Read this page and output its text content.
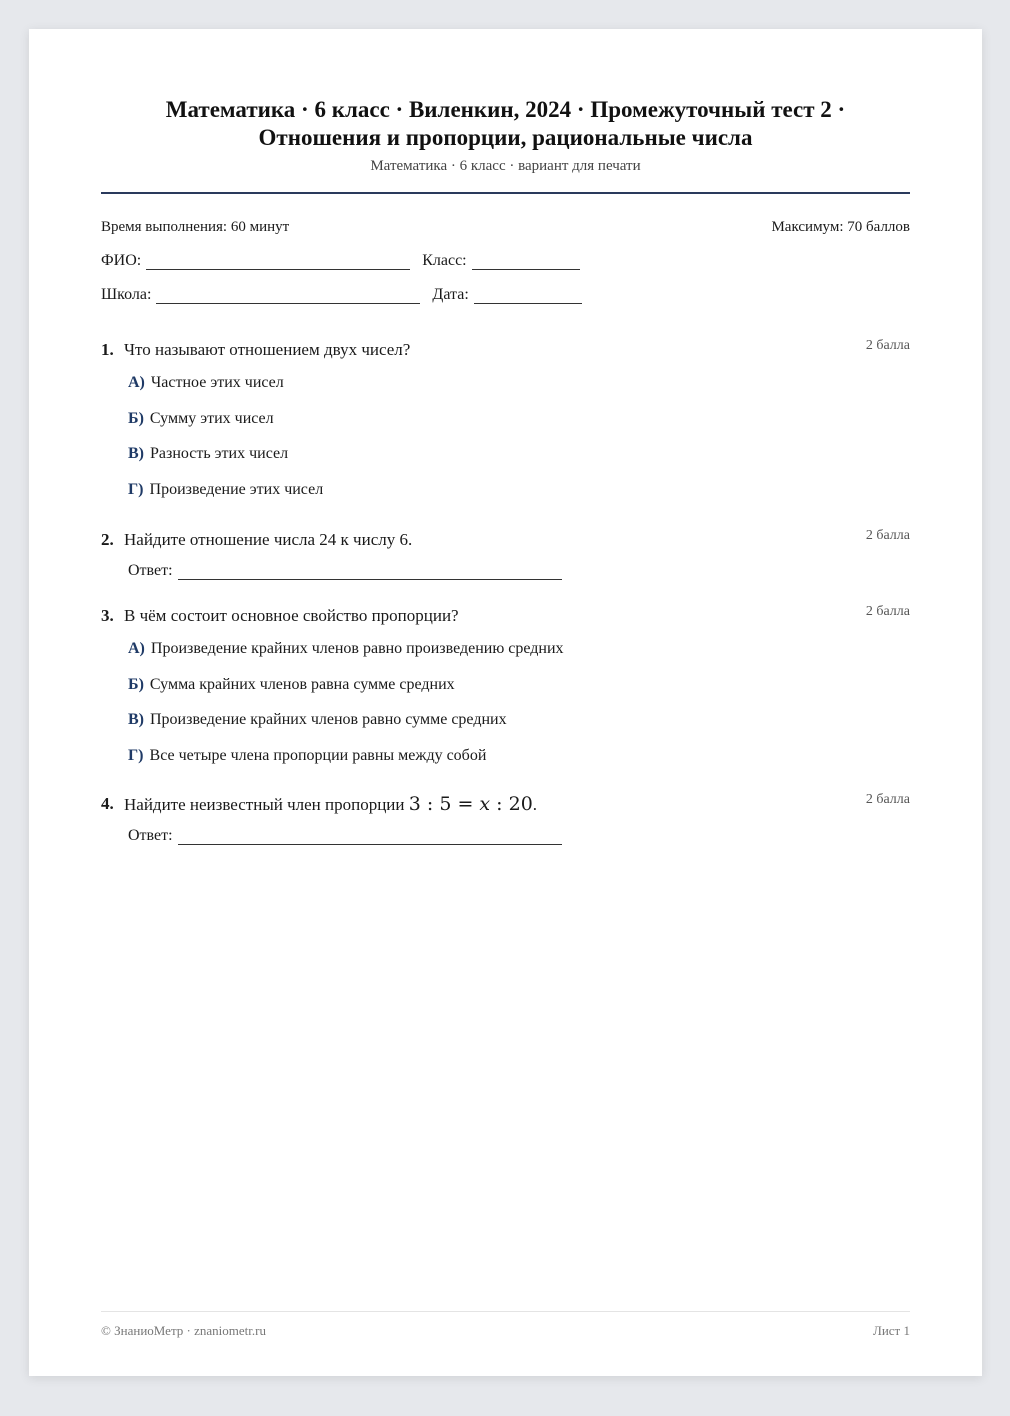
Математика · 6 класс · Виленкин, 2024 · Промежуточный тест 2 ·
Отношения и пропорции, рациональные числа
Математика · 6 класс · вариант для печати
Время выполнения: 60 минут	Максимум: 70 баллов
ФИО:	Класс:
Школа:	Дата:
1. Что называют отношением двух чисел?	2 балла
А) Частное этих чисел
Б) Сумму этих чисел
В) Разность этих чисел
Г) Произведение этих чисел
2. Найдите отношение числа 24 к числу 6.	2 балла
Ответ:
3. В чём состоит основное свойство пропорции?	2 балла
А) Произведение крайних членов равно произведению средних
Б) Сумма крайних членов равна сумме средних
В) Произведение крайних членов равно сумме средних
Г) Все четыре члена пропорции равны между собой
4. Найдите неизвестный член пропорции 3 : 5 = x : 20.	2 балла
Ответ:
© ЗнаниоМетр · znaniometr.ru	Лист 1
